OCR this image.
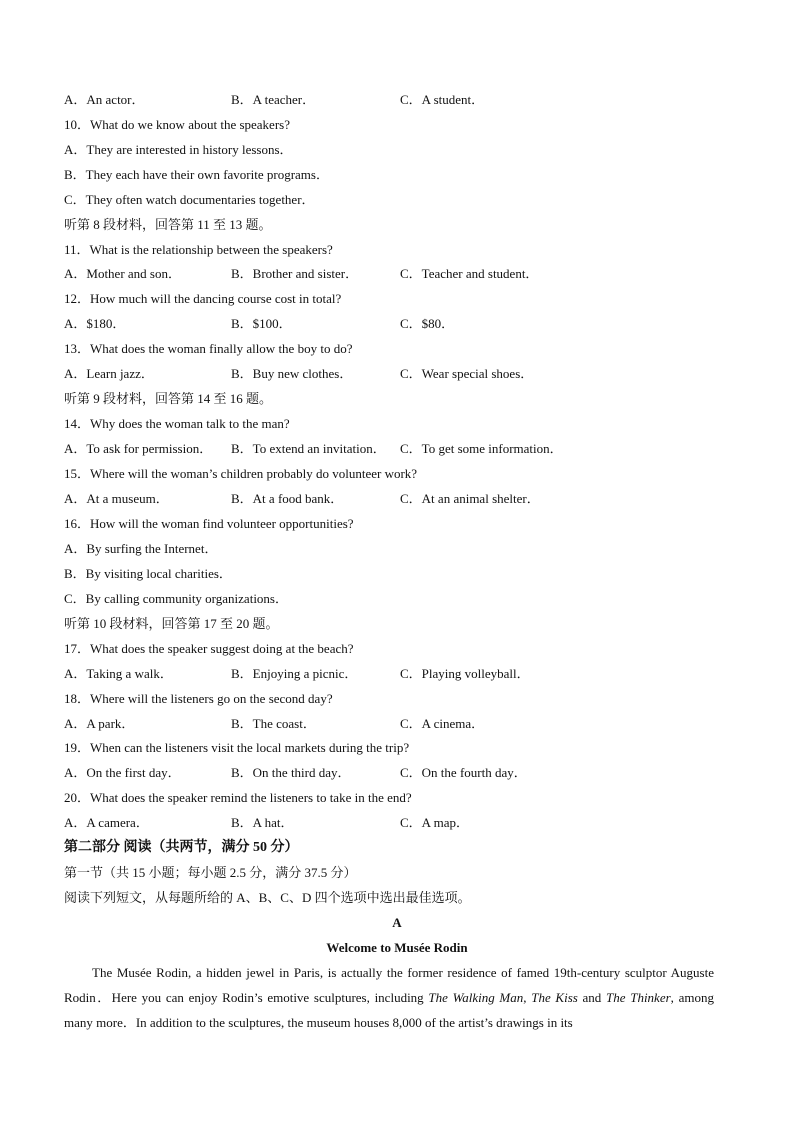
A．An actor．	B．A teacher．	C．A student．
10．What do we know about the speakers?
A．They are interested in history lessons．
B．They each have their own favorite programs．
C．They often watch documentaries together．
听第 8 段材料，回答第 11 至 13 题。
11．What is the relationship between the speakers?
A．Mother and son．	B．Brother and sister．	C．Teacher and student．
12．How much will the dancing course cost in total?
A．$180．	B．$100．	C．$80．
13．What does the woman finally allow the boy to do?
A．Learn jazz．	B．Buy new clothes．	C．Wear special shoes．
听第 9 段材料，回答第 14 至 16 题。
14．Why does the woman talk to the man?
A．To ask for permission． B．To extend an invitation． C．To get some information．
15．Where will the woman’s children probably do volunteer work?
A．At a museum．	B．At a food bank．	C．At an animal shelter．
16．How will the woman find volunteer opportunities?
A．By surfing the Internet．
B．By visiting local charities．
C．By calling community organizations．
听第 10 段材料，回答第 17 至 20 题。
17．What does the speaker suggest doing at the beach?
A．Taking a walk．	B．Enjoying a picnic．	C．Playing volleyball．
18．Where will the listeners go on the second day?
A．A park．	B．The coast．	C．A cinema．
19．When can the listeners visit the local markets during the trip?
A．On the first day．	B．On the third day．	C．On the fourth day．
20．What does the speaker remind the listeners to take in the end?
A．A camera．	B．A hat．	C．A map．
第二部分 阅读（共两节，满分 50 分）
第一节（共 15 小题；每小题 2.5 分，满分 37.5 分）
阅读下列短文，从每题所给的 A、B、C、D 四个选项中选出最佳选项。
A
Welcome to Musée Rodin
The Musée Rodin, a hidden jewel in Paris, is actually the former residence of famed 19th-century sculptor Auguste Rodin．Here you can enjoy Rodin’s emotive sculptures, including The Walking Man, The Kiss and The Thinker, among many more．In addition to the sculptures, the museum houses 8,000 of the artist’s drawings in its
